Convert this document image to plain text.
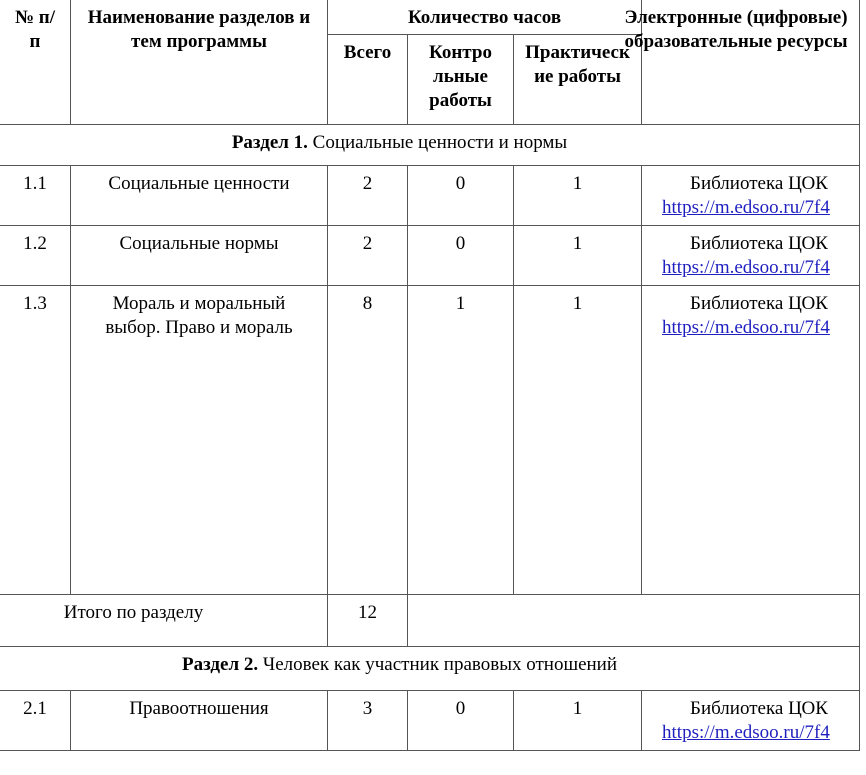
№ п/п	Наименование разделов и тем программы	Количество часов			Электронные (цифровые) образовательные ресурсы

		Всего	Контрольные работы	Практические работы	

Раздел 1. Социальные ценности и нормы					

1.1	Социальные ценности	2	0	1	Библиотека ЦОК
https://m.edsoo.ru/7f4

1.2	Социальные нормы	2	0	1	Библиотека ЦОК
https://m.edsoo.ru/7f4

1.3	Мораль и моральный выбор. Право и мораль	8	1	1	Библиотека ЦОК
https://m.edsoo.ru/7f4

Итого по разделу		12			

Раздел 2. Человек как участник правовых отношений					

2.1	Правоотношения	3	0	1	Библиотека ЦОК
https://m.edsoo.ru/7f4
